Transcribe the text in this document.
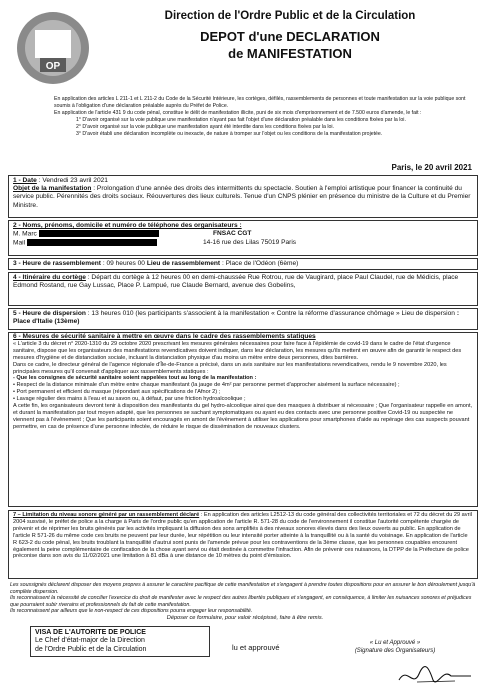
OP
Direction de l'Ordre Public et de la Circulation
DEPOT d'une DECLARATION
de MANIFESTATION

En application des articles L 211-1 et L 211-2 du Code de la Sécurité Intérieure, les cortèges, défilés, rassemblements de personnes et toute manifestation sur la voie publique sont soumis à l'obligation d'une déclaration préalable auprès du Préfet de Police.

En application de l'article 431 9 du code pénal, constitue le délit de manifestation illicite, puni de six mois d'emprisonnement et de 7.500 euros d'amende, le fait :

1° D'avoir organisé sur la voie publique une manifestation n'ayant pas fait l'objet d'une déclaration préalable dans les conditions fixées par la loi.

2° D'avoir organisé sur la voie publique une manifestation ayant été interdite dans les conditions fixées par la loi.

3° D'avoir établi une déclaration incomplète ou inexacte, de nature à tromper sur l'objet ou les conditions de la manifestation projetée.

Paris, le 20 avril 2021

1 - Date : Vendredi 23 avril 2021

Objet de la manifestation : Prolongation d'une année des droits des intermittents du spectacle. Soutien à l'emploi artistique pour financer la continuité du service public. Pérennités des droits sociaux. Réouvertures des lieux culturels. Tenue d'un CNPS plénier en présence du ministre de la Culture et du Premier Ministre.

2 - Noms, prénoms, domicile et numéro de téléphone des organisateurs :

M. Marc	FNSAC CGT

Mail	14-16 rue des Lilas 75019 Paris

3 - Heure de rassemblement : 09 heures 00 Lieu de rassemblement : Place de l'Odéon (6ème)

4 - Itinéraire du cortège : Départ du cortège à 12 heures 00 en demi-chaussée Rue Rotrou, rue de Vaugirard, place Paul Claudel, rue de Médicis, place Edmond Rostand, rue Gay Lussac, Place P. Lampué, rue Claude Bernard, avenue des Gobelins,

5 - Heure de dispersion : 13 heures 010 (les participants s'associent à la manifestation « Contre la réforme d'assurance chômage » Lieu de dispersion : Place d'Italie (13ème)

6 - Mesures de sécurité sanitaire à mettre en œuvre dans le cadre des rassemblements statiques

« L'article 3 du décret n° 2020-1310 du 29 octobre 2020 prescrivant les mesures générales nécessaires pour faire face à l'épidémie de covid-19 dans le cadre de l'état d'urgence sanitaire, dispose que les organisateurs des manifestations revendicatives doivent indiquer, dans leur déclaration, les mesures qu'ils mettent en œuvre afin de garantir le respect des mesures d'hygiène et de distanciation sociale, incluant la distanciation physique d'au moins un mètre entre deux personnes, dites barrières.

Dans ce cadre, le directeur général de l'agence régionale d'Île-de-France a précisé, dans un avis sanitaire sur les manifestations revendicatives, rendu le 9 novembre 2020, les principales mesures qu'il convenait d'appliquer aux rassemblements statiques :

- Que les consignes de sécurité sanitaire soient rappelées tout au long de la manifestation :

• Respect de la distance minimale d'un mètre entre chaque manifestant (la jauge de 4m² par personne permet d'approcher aisément la surface nécessaire) ;

• Port permanent et efficient du masque (répondant aux spécifications de l'Afnor 2) ;

• Lavage régulier des mains à l'eau et au savon ou, à défaut, par une friction hydroalcoolique ;

A cette fin, les organisateurs devront tenir à disposition des manifestants du gel hydro-alcoolique ainsi que des masques à distribuer si nécessaire ; Que l'organisateur rappelle en amont, et durant la manifestation par tout moyen adapté, que les personnes se sachant symptomatiques ou ayant eu des contacts avec une personne positive Covid-19 ou suspectée ne viennent pas à l'évènement ; Que les participants soient encouragés en amont de l'évènement à utiliser les applications pour smartphones d'aide au repérage des cas suspects pouvant permettre, en cas de présence d'une personne infectée, de réduire le risque de dissémination de nouveaux clusters.

7 – Limitation du niveau sonore généré par un rassemblement déclaré : En application des articles L2512-13 du code général des collectivités territoriales et 72 du décret du 29 avril 2004 susvisé, le préfet de police a la charge à Paris de l'ordre public qu'en application de l'article R. 571-28 du code de l'environnement il constitue l'autorité compétente chargée de prévenir et de réprimer les bruits générés par les activités impliquant la diffusion des sons amplifiés à des niveaux sonores élevés dans des lieux ouverts au public. En application de l'article R 571-26 du même code ces bruits ne peuvent par leur durée, leur répétition ou leur intensité porter atteinte à la tranquillité ou à la santé du voisinage. En application de l'article R 623-2 du code pénal, les bruits troublant la tranquillité d'autrui sont punis de l'amende prévue pour les contraventions de la 3ème classe, que les personnes coupables encourent également la peine complémentaire de confiscation de la chose ayant servi ou était destinée à commettre l'infraction. Afin de prévenir ces nuisances, la DTPP de la Préfecture de police préconise dans son avis du 11/02/2021 une limitation à 81 dBa à une distance de 10 mètres du point d'émission.

Les soussignés déclarent disposer des moyens propres à assurer le caractère pacifique de cette manifestation et s'engagent à prendre toutes dispositions pour en assurer le bon déroulement jusqu'à complète dispersion.

Ils reconnaissent la nécessité de concilier l'exercice du droit de manifester avec le respect des autres libertés publiques et s'engagent, en conséquence, à limiter les nuisances sonores et préjudices que pourraient subir riverains et professionnels du fait de cette manifestation.

Ils reconnaissent par ailleurs que le non-respect de ces dispositions pourra engager leur responsabilité.

Déposer ce formulaire, pour valoir récépissé, faire à être remis.
VISA DE L'AUTORITE DE POLICE
Le Chef d'état-major de la Direction
de l'Ordre Public et de la Circulation	lu et approuvé	« Lu et Approuvé »
(Signature des Organisateurs)
